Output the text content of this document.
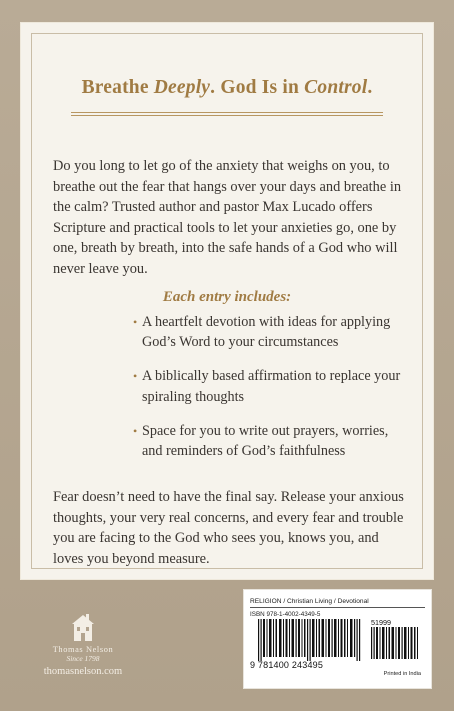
Breathe Deeply. God Is in Control.

Do you long to let go of the anxiety that weighs on you, to breathe out the fear that hangs over your days and breathe in the calm? Trusted author and pastor Max Lucado offers Scripture and practical tools to let your anxieties go, one by one, breath by breath, into the safe hands of a God who will never leave you.

Each entry includes:
• A heartfelt devotion with ideas for applying God’s Word to your circumstances
• A biblically based affirmation to replace your spiraling thoughts
• Space for you to write out prayers, worries, and reminders of God’s faithfulness

Fear doesn’t need to have the final say. Release your anxious thoughts, your very real concerns, and every fear and trouble you are facing to the God who sees you, knows you, and loves you beyond measure.

Thomas Nelson
Since 1798
thomasnelson.com
RELIGION / Christian Living / Devotional
ISBN 978-1-4002-4349-5
51999
9 781400 243495
Printed in India
